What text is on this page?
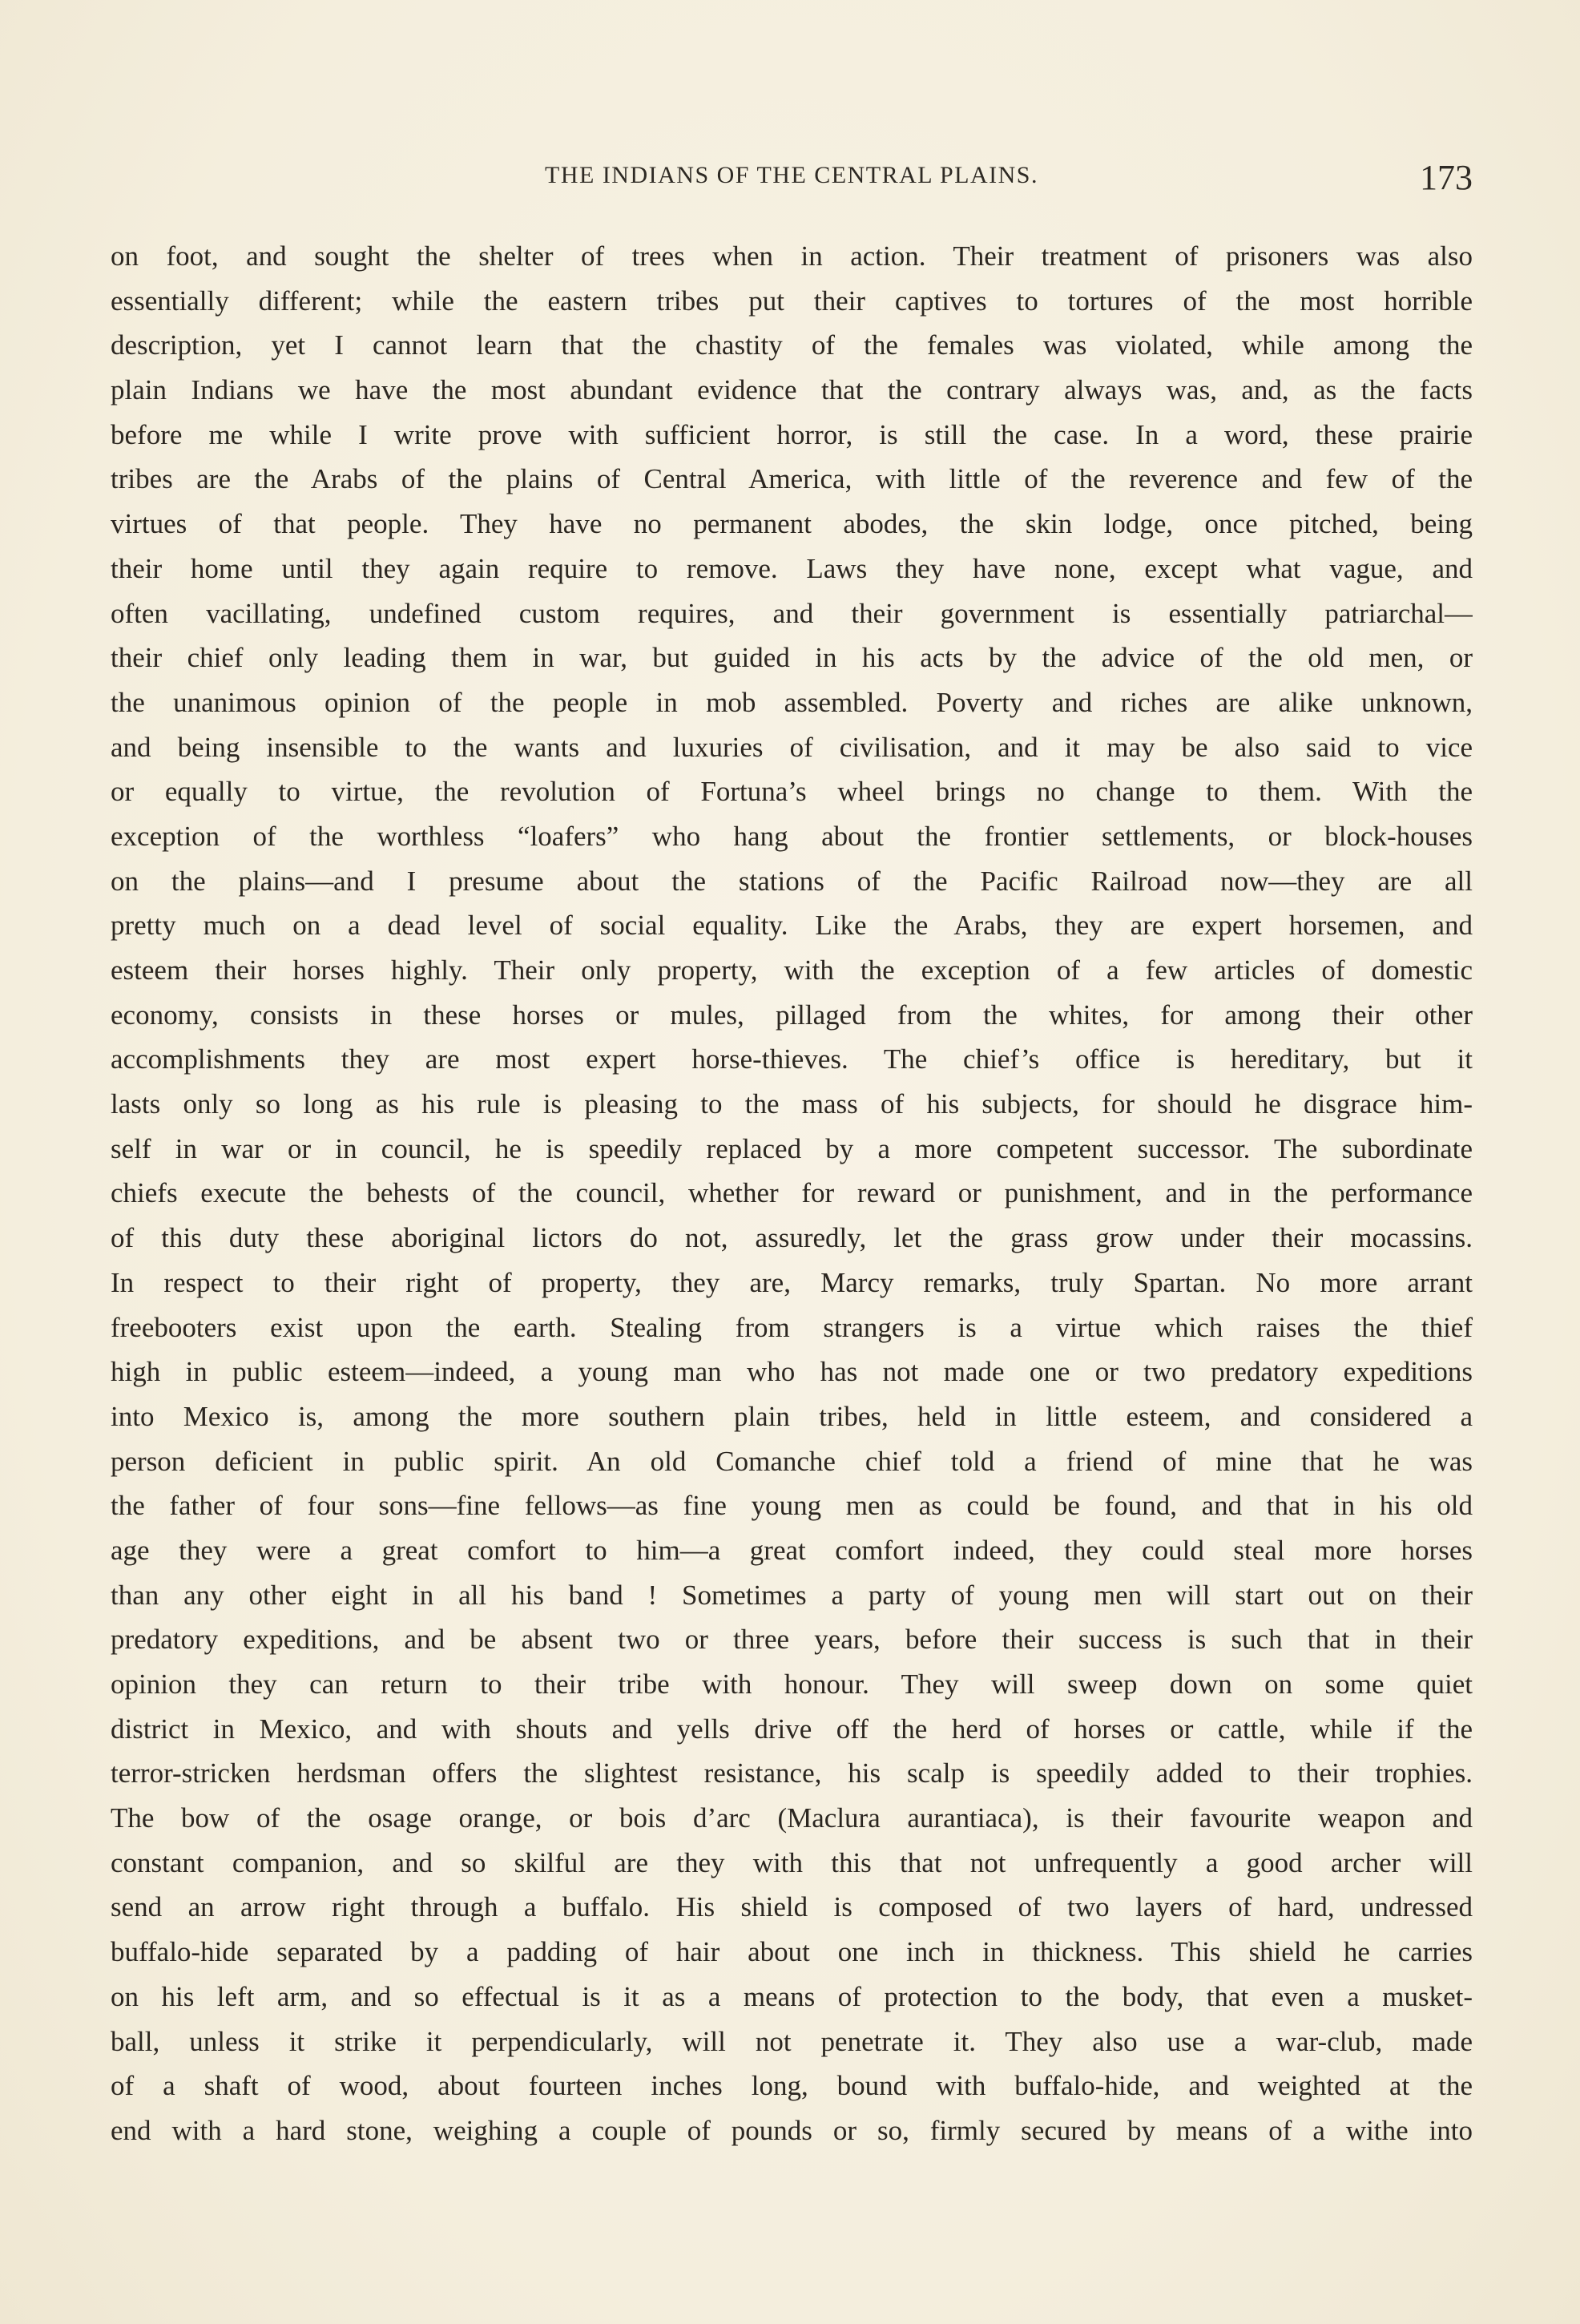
THE INDIANS OF THE CENTRAL PLAINS.	173
on foot, and sought the shelter of trees when in action. Their treatment of prisoners was also
essentially different; while the eastern tribes put their captives to tortures of the most horrible
description, yet I cannot learn that the chastity of the females was violated, while among the
plain Indians we have the most abundant evidence that the contrary always was, and, as the facts
before me while I write prove with sufficient horror, is still the case. In a word, these prairie
tribes are the Arabs of the plains of Central America, with little of the reverence and few of the
virtues of that people. They have no permanent abodes, the skin lodge, once pitched, being
their home until they again require to remove. Laws they have none, except what vague, and
often vacillating, undefined custom requires, and their government is essentially patriarchal—
their chief only leading them in war, but guided in his acts by the advice of the old men, or
the unanimous opinion of the people in mob assembled. Poverty and riches are alike unknown,
and being insensible to the wants and luxuries of civilisation, and it may be also said to vice
or equally to virtue, the revolution of Fortuna’s wheel brings no change to them. With the
exception of the worthless “loafers” who hang about the frontier settlements, or block-houses
on the plains—and I presume about the stations of the Pacific Railroad now—they are all
pretty much on a dead level of social equality. Like the Arabs, they are expert horsemen, and
esteem their horses highly. Their only property, with the exception of a few articles of domestic
economy, consists in these horses or mules, pillaged from the whites, for among their other
accomplishments they are most expert horse-thieves. The chief’s office is hereditary, but it
lasts only so long as his rule is pleasing to the mass of his subjects, for should he disgrace him-
self in war or in council, he is speedily replaced by a more competent successor. The subordinate
chiefs execute the behests of the council, whether for reward or punishment, and in the performance
of this duty these aboriginal lictors do not, assuredly, let the grass grow under their mocassins.
In respect to their right of property, they are, Marcy remarks, truly Spartan. No more arrant
freebooters exist upon the earth. Stealing from strangers is a virtue which raises the thief
high in public esteem—indeed, a young man who has not made one or two predatory expeditions
into Mexico is, among the more southern plain tribes, held in little esteem, and considered a
person deficient in public spirit. An old Comanche chief told a friend of mine that he was
the father of four sons—fine fellows—as fine young men as could be found, and that in his old
age they were a great comfort to him—a great comfort indeed, they could steal more horses
than any other eight in all his band ! Sometimes a party of young men will start out on their
predatory expeditions, and be absent two or three years, before their success is such that in their
opinion they can return to their tribe with honour. They will sweep down on some quiet
district in Mexico, and with shouts and yells drive off the herd of horses or cattle, while if the
terror-stricken herdsman offers the slightest resistance, his scalp is speedily added to their trophies.
The bow of the osage orange, or bois d’arc (Maclura aurantiaca), is their favourite weapon and
constant companion, and so skilful are they with this that not unfrequently a good archer will
send an arrow right through a buffalo. His shield is composed of two layers of hard, undressed
buffalo-hide separated by a padding of hair about one inch in thickness. This shield he carries
on his left arm, and so effectual is it as a means of protection to the body, that even a musket-
ball, unless it strike it perpendicularly, will not penetrate it. They also use a war-club, made
of a shaft of wood, about fourteen inches long, bound with buffalo-hide, and weighted at the
end with a hard stone, weighing a couple of pounds or so, firmly secured by means of a withe into
